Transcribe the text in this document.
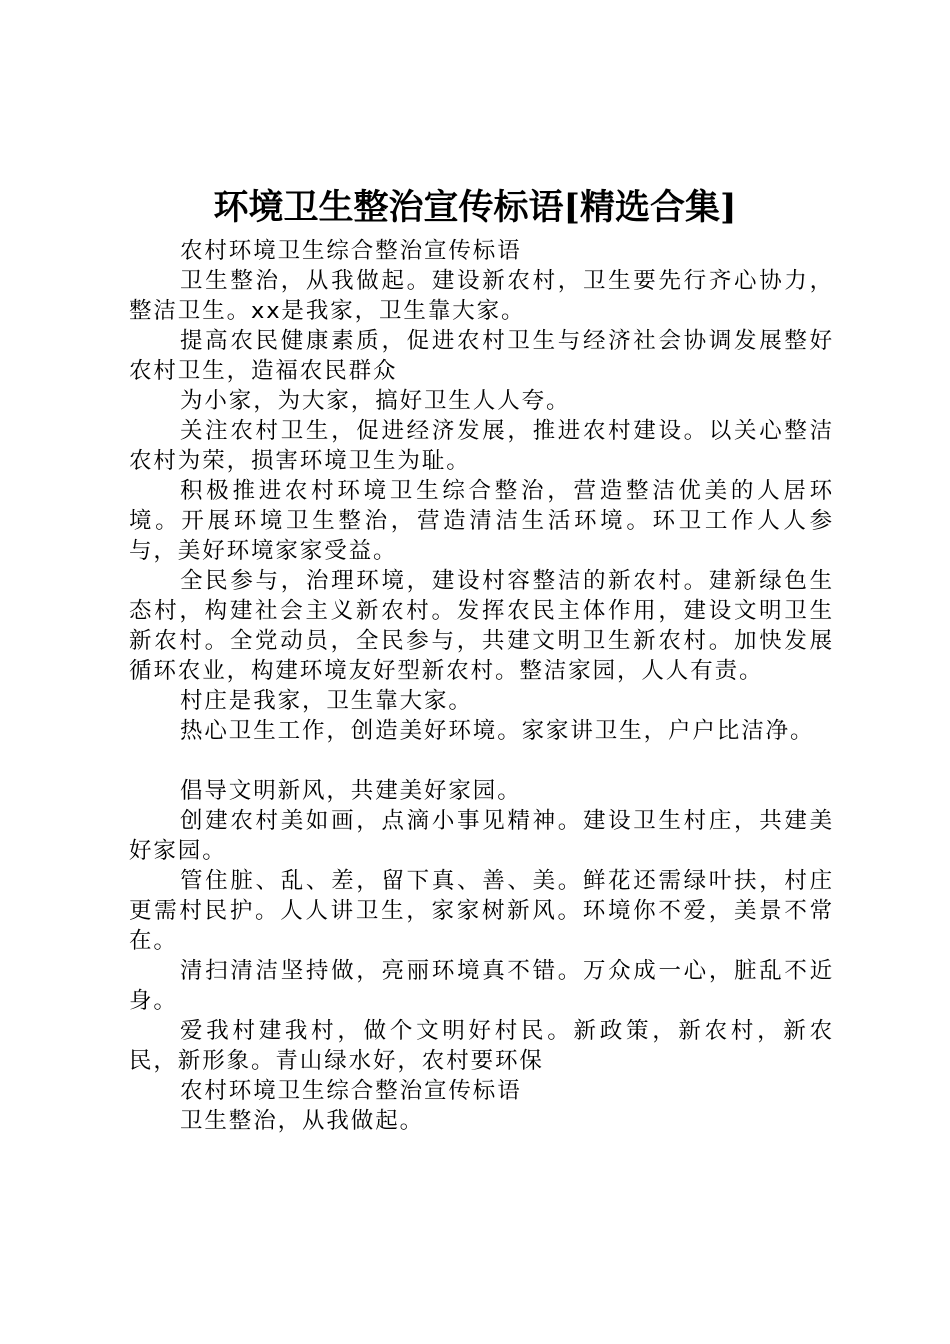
环境卫生整治宣传标语[精选合集]

农村环境卫生综合整治宣传标语

卫生整治，从我做起。建设新农村，卫生要先行齐心协力，整洁卫生。xx是我家，卫生靠大家。

提高农民健康素质，促进农村卫生与经济社会协调发展整好农村卫生，造福农民群众

为小家，为大家，搞好卫生人人夸。

关注农村卫生，促进经济发展，推进农村建设。以关心整洁农村为荣，损害环境卫生为耻。

积极推进农村环境卫生综合整治，营造整洁优美的人居环境。开展环境卫生整治，营造清洁生活环境。环卫工作人人参与，美好环境家家受益。

全民参与，治理环境，建设村容整洁的新农村。建新绿色生态村，构建社会主义新农村。发挥农民主体作用，建设文明卫生新农村。全党动员，全民参与，共建文明卫生新农村。加快发展循环农业，构建环境友好型新农村。整洁家园，人人有责。

村庄是我家，卫生靠大家。

热心卫生工作，创造美好环境。家家讲卫生，户户比洁净。

倡导文明新风，共建美好家园。

创建农村美如画，点滴小事见精神。建设卫生村庄，共建美好家园。

管住脏、乱、差，留下真、善、美。鲜花还需绿叶扶，村庄更需村民护。人人讲卫生，家家树新风。环境你不爱，美景不常在。

清扫清洁坚持做，亮丽环境真不错。万众成一心，脏乱不近身。

爱我村建我村，做个文明好村民。新政策，新农村，新农民，新形象。青山绿水好，农村要环保

农村环境卫生综合整治宣传标语

卫生整治，从我做起。
